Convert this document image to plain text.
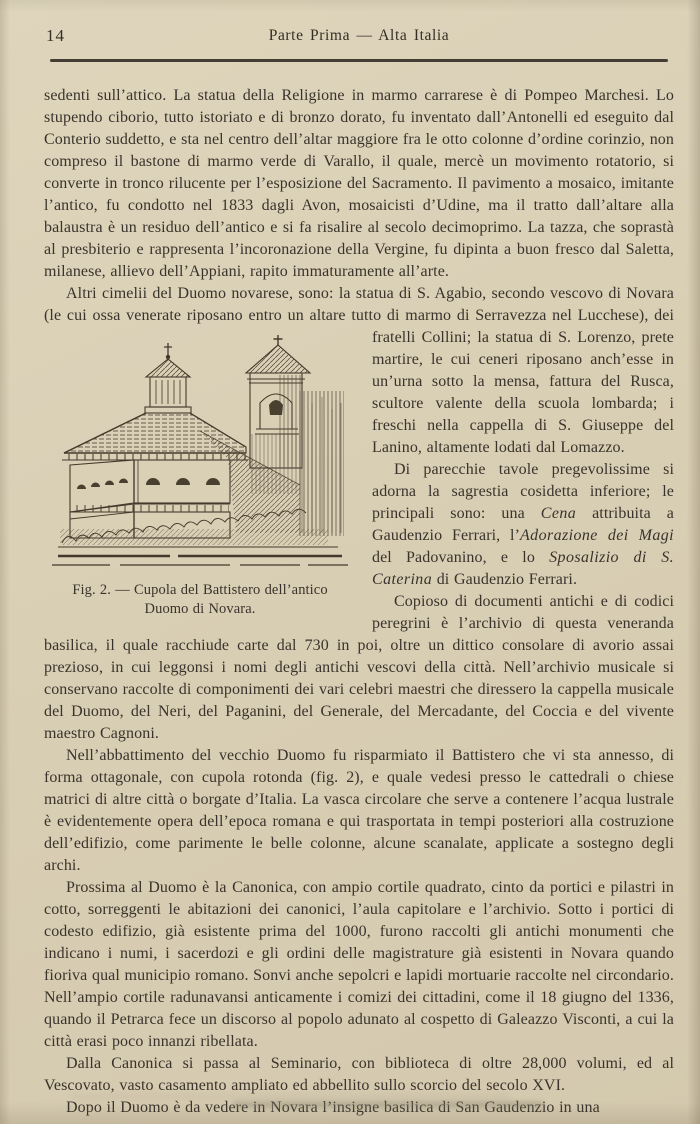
14	Parte Prima — Alta Italia

sedenti sull’attico. La statua della Religione in marmo carrarese è di Pompeo Marchesi. Lo stupendo ciborio, tutto istoriato e di bronzo dorato, fu inventato dall’Antonelli ed eseguito dal Conterio suddetto, e sta nel centro dell’altar maggiore fra le otto colonne d’ordine corinzio, non compreso il bastone di marmo verde di Varallo, il quale, mercè un movimento rotatorio, si converte in tronco rilucente per l’esposizione del Sacramento. Il pavimento a mosaico, imitante l’antico, fu condotto nel 1833 dagli Avon, mosaicisti d’Udine, ma il tratto dall’altare alla balaustra è un residuo dell’antico e si fa risalire al secolo decimoprimo. La tazza, che soprastà al presbiterio e rappresenta l’incoronazione della Vergine, fu dipinta a buon fresco dal Saletta, milanese, allievo dell’Appiani, rapito immaturamente all’arte.

Altri cimelii del Duomo novarese, sono: la statua di S. Agabio, secondo vescovo di Novara (le cui ossa venerate riposano entro un altare tutto di marmo di Serra
Fig. 2. — Cupola del Battistero dell’antico
Duomo di Novara.
vezza nel Lucchese), dei fratelli Collini; la statua di S. Lorenzo, prete martire, le cui ceneri riposano anch’esse in un’urna sotto la mensa, fattura del Rusca, scultore valente della scuola lombarda; i freschi nella cappella di S. Giuseppe del Lanino, altamente lodati dal Lomazzo.

Di parecchie tavole pregevolissime si adorna la sagrestia cosidetta inferiore; le principali sono: una Cena attribuita a Gaudenzio Ferrari, l’Adorazione dei Magi del Padovanino, e lo Sposalizio di S. Caterina di Gaudenzio Ferrari.

Copioso di documenti antichi e di codici peregrini è l’archivio di questa veneranda basilica, il quale racchiude carte dal 730 in poi, oltre un dittico consolare di avorio assai prezioso, in cui leggonsi i nomi degli antichi vescovi della città. Nell’archivio musicale si conservano raccolte di componimenti dei vari celebri maestri che diressero la cappella musicale del Duomo, del Neri, del Paganini, del Generale, del Mercadante, del Coccia e del vivente maestro Cagnoni.

Nell’abbattimento del vecchio Duomo fu risparmiato il Battistero che vi sta annesso, di forma ottagonale, con cupola rotonda (fig. 2), e quale vedesi presso le cattedrali o chiese matrici di altre città o borgate d’Italia. La vasca circolare che serve a contenere l’acqua lustrale è evidentemente opera dell’epoca romana e qui trasportata in tempi posteriori alla costruzione dell’edifizio, come parimente le belle colonne, alcune scanalate, applicate a sostegno degli archi.

Prossima al Duomo è la Canonica, con ampio cortile quadrato, cinto da portici e pilastri in cotto, sorreggenti le abitazioni dei canonici, l’aula capitolare e l’archivio. Sotto i portici di codesto edifizio, già esistente prima del 1000, furono raccolti gli antichi monumenti che indicano i numi, i sacerdozi e gli ordini delle magistrature già esistenti in Novara quando fioriva qual municipio romano. Sonvi anche sepolcri e lapidi mortuarie raccolte nel circondario. Nell’ampio cortile radunavansi anticamente i comizi dei cittadini, come il 18 giugno del 1336, quando il Petrarca fece un discorso al popolo adunato al cospetto di Galeazzo Visconti, a cui la città erasi poco innanzi ribellata.

Dalla Canonica si passa al Seminario, con biblioteca di oltre 28,000 volumi, ed al Vescovato, vasto casamento ampliato ed abbellito sullo scorcio del secolo XVI.

Dopo il Duomo è da vedere in Novara l’insigne basilica di San Gaudenzio in una
